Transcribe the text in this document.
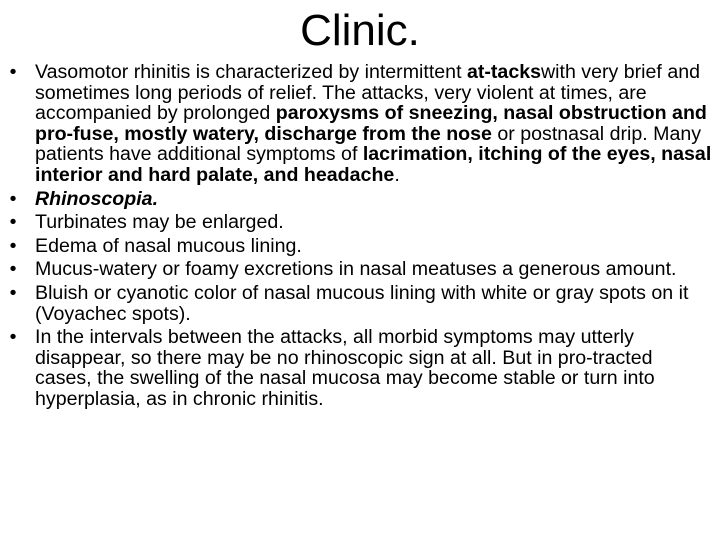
Clinic.
• Vasomotor rhinitis is characterized by intermittent at-tackswith very brief and sometimes long periods of relief. The attacks, very violent at times, are accompanied by prolonged paroxysms of sneezing, nasal obstruction and pro-fuse, mostly watery, discharge from the nose or postnasal drip. Many patients have additional symptoms of lacrimation, itching of the eyes, nasal interior and hard palate, and headache.
• Rhinoscopia.
• Turbinates may be enlarged.
• Edema of nasal mucous lining.
• Mucus-watery or foamy excretions in nasal meatuses a generous amount.
• Bluish or cyanotic color of nasal mucous lining with white or gray spots on it (Voyachec spots).
• In the intervals between the attacks, all morbid symptoms may utterly disappear, so there may be no rhinoscopic sign at all. But in pro-tracted cases, the swelling of the nasal mucosa may become stable or turn into hyperplasia, as in chronic rhinitis.
